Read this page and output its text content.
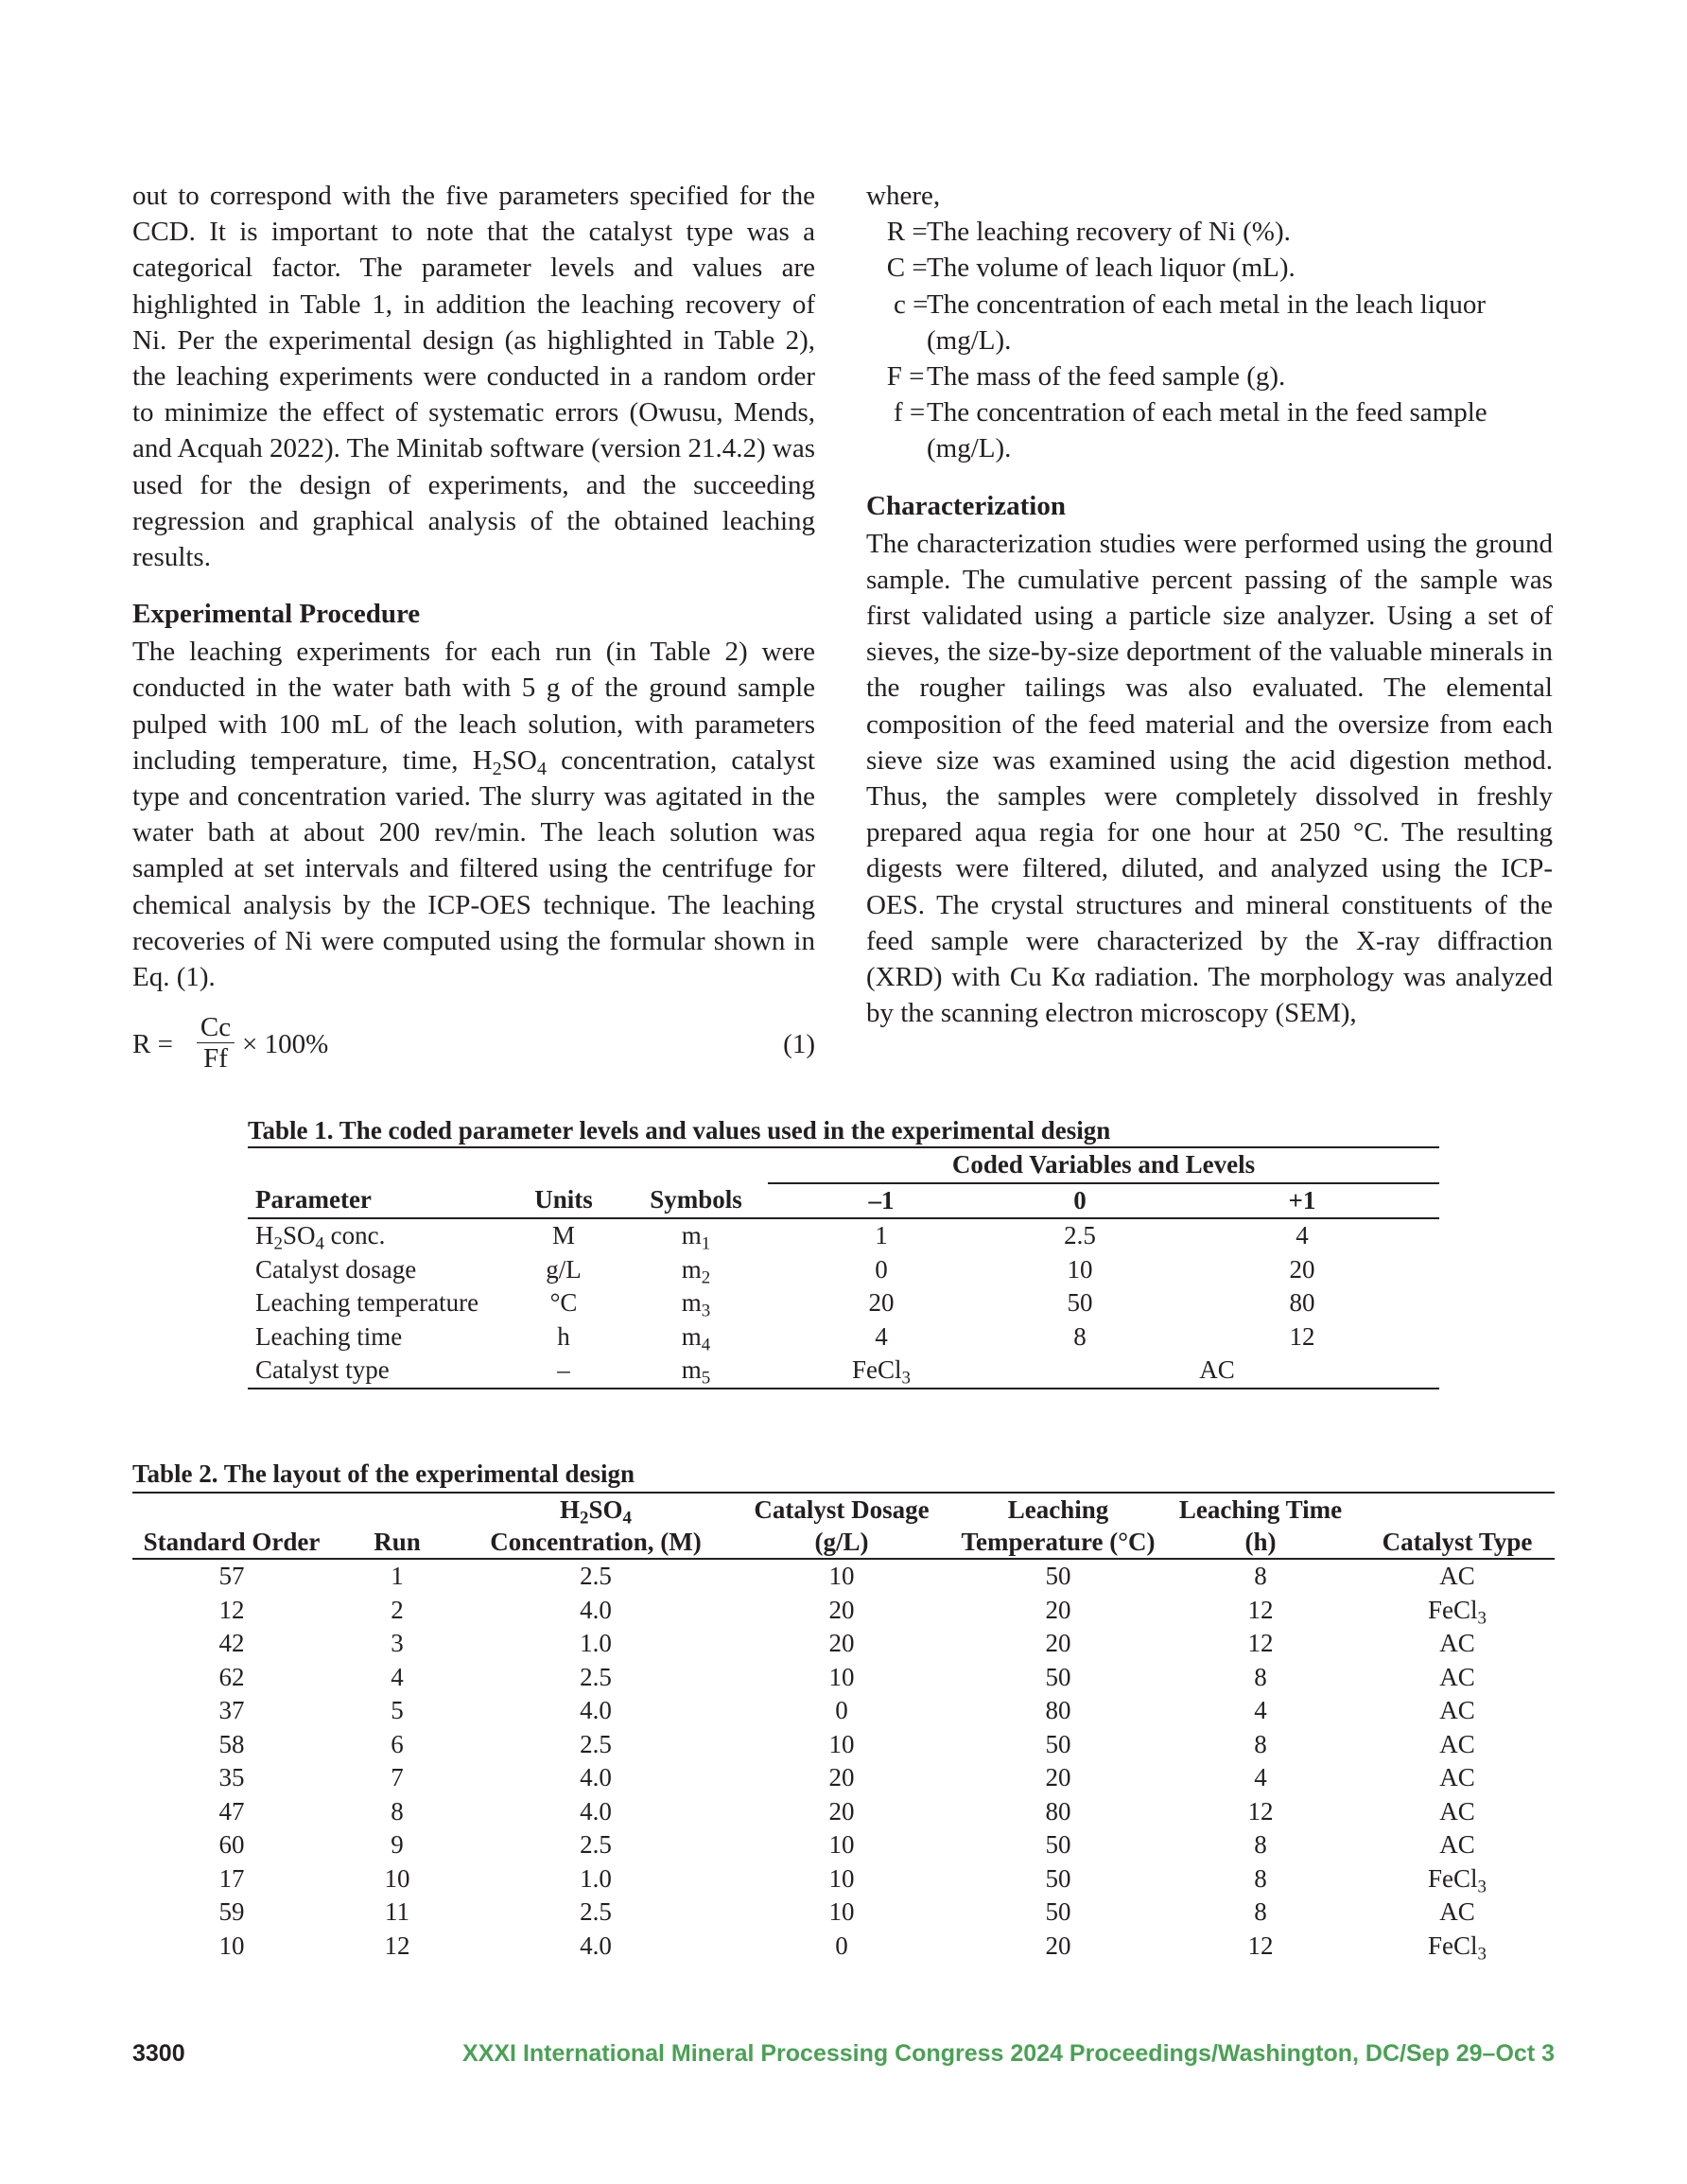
out to correspond with the five parameters specified for the CCD. It is important to note that the catalyst type was a categorical factor. The parameter levels and values are highlighted in Table 1, in addition the leaching recovery of Ni. Per the experimental design (as highlighted in Table 2), the leaching experiments were conducted in a random order to minimize the effect of systematic errors (Owusu, Mends, and Acquah 2022). The Minitab software (version 21.4.2) was used for the design of experiments, and the succeeding regression and graphical analysis of the obtained leaching results.

Experimental Procedure

The leaching experiments for each run (in Table 2) were conducted in the water bath with 5 g of the ground sample pulped with 100 mL of the leach solution, with parameters including temperature, time, $H_2SO_4$ concentration, catalyst type and concentration varied. The slurry was agitated in the water bath at about 200 rev/min. The leach solution was sampled at set intervals and filtered using the centrifuge for chemical analysis by the ICP-OES technique. The leaching recoveries of Ni were computed using the formular shown in Eq. (1).

$R = \frac{Cc}{Ff} \times 100\%$	(1)

where,

R = The leaching recovery of Ni (%).
C = The volume of leach liquor (mL).
c =
The concentration of each metal in the leach liquor (mg/L).
F = The mass of the feed sample (g).
f = The concentration of each metal in the feed sample (mg/L).

Characterization

The characterization studies were performed using the ground sample. The cumulative percent passing of the sample was first validated using a particle size analyzer. Using a set of sieves, the size-by-size deportment of the valuable minerals in the rougher tailings was also evaluated. The elemental composition of the feed material and the oversize from each sieve size was examined using the acid digestion method. Thus, the samples were completely dissolved in freshly prepared aqua regia for one hour at 250 °C. The resulting digests were filtered, diluted, and analyzed using the ICP-OES. The crystal structures and mineral constituents of the feed sample were characterized by the X-ray diffraction (XRD) with Cu Kα radiation. The morphology was analyzed by the scanning electron microscopy (SEM),

Table 1. The coded parameter levels and values used in the experimental design
			Coded Variables and Levels		
Parameter	Units	Symbols	–1	0	+1
$H_2SO_4$ conc.	M	$m_1$	1	2.5	4
Catalyst dosage	g/L	$m_2$	0	10	20
Leaching temperature	°C	$m_3$	20	50	80
Leaching time	h	$m_4$	4	8	12
Catalyst type	–	$m_5$	FeCl$_3$	AC	
Table 2. The layout of the experimental design
		$H_2SO_4$	Catalyst Dosage	Leaching	Leaching Time	
Standard Order	Run	Concentration, (M)	(g/L)	Temperature (°C)	(h)	Catalyst Type
57	1	2.5	10	50	8	AC
12	2	4.0	20	20	12	FeCl$_3$
42	3	1.0	20	20	12	AC
62	4	2.5	10	50	8	AC
37	5	4.0	0	80	4	AC
58	6	2.5	10	50	8	AC
35	7	4.0	20	20	4	AC
47	8	4.0	20	80	12	AC
60	9	2.5	10	50	8	AC
17	10	1.0	10	50	8	FeCl$_3$
59	11	2.5	10	50	8	AC
10	12	4.0	0	20	12	FeCl$_3$
3300	XXXI International Mineral Processing Congress 2024 Proceedings/Washington, DC/Sep 29–Oct 3
